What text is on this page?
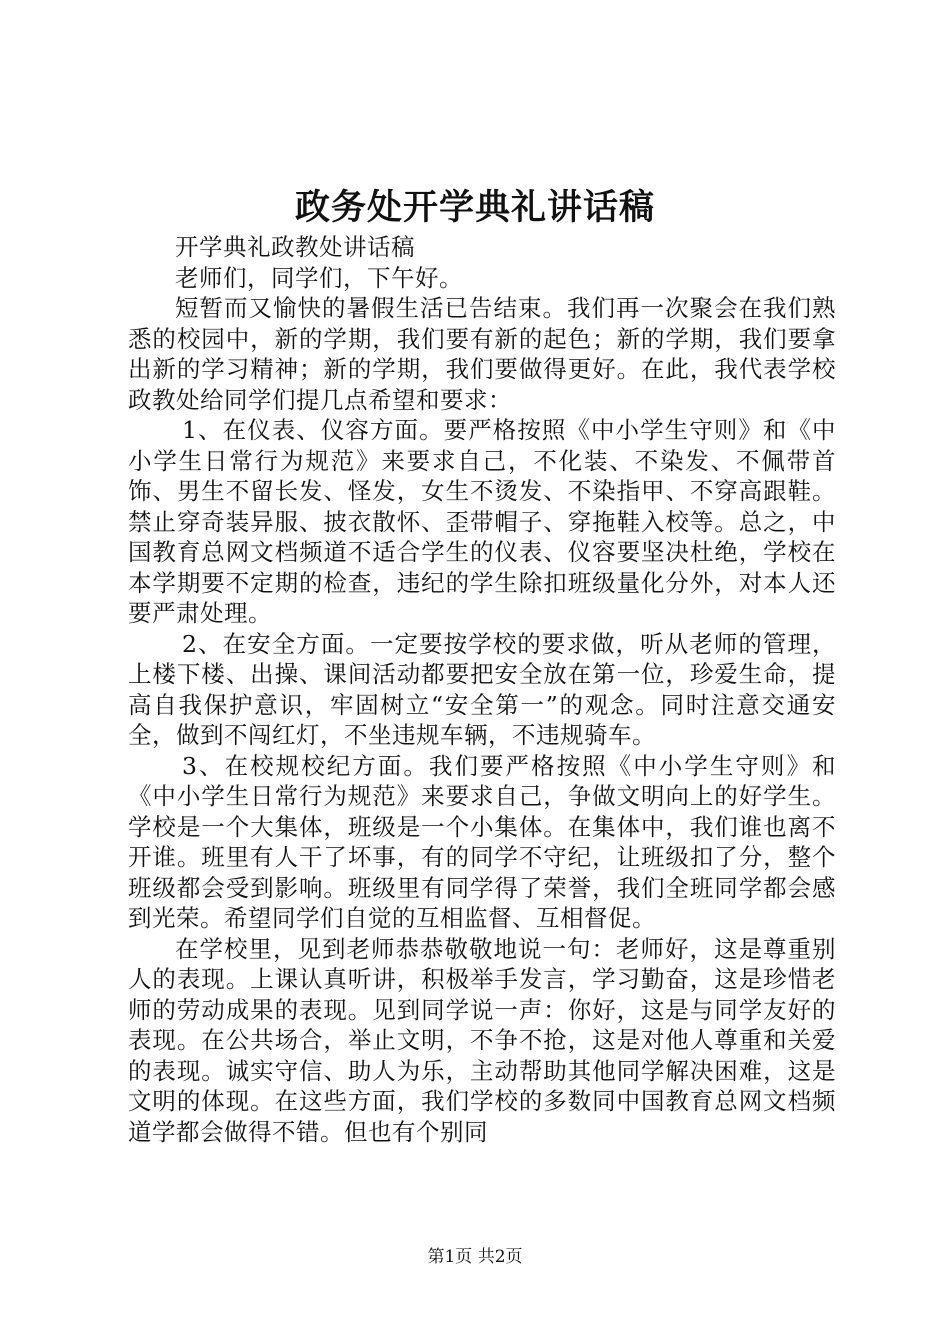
政务处开学典礼讲话稿

开学典礼政教处讲话稿

老师们，同学们，下午好。

短暂而又愉快的暑假生活已告结束。我们再一次聚会在我们熟悉的校园中，新的学期，我们要有新的起色；新的学期，我们要拿出新的学习精神；新的学期，我们要做得更好。在此，我代表学校政教处给同学们提几点希望和要求：

1、在仪表、仪容方面。要严格按照《中小学生守则》和《中小学生日常行为规范》来要求自己，不化装、不染发、不佩带首饰、男生不留长发、怪发，女生不烫发、不染指甲、不穿高跟鞋。禁止穿奇装异服、披衣散怀、歪带帽子、穿拖鞋入校等。总之，中国教育总网文档频道不适合学生的仪表、仪容要坚决杜绝，学校在本学期要不定期的检查，违纪的学生除扣班级量化分外，对本人还要严肃处理。

2、在安全方面。一定要按学校的要求做，听从老师的管理，上楼下楼、出操、课间活动都要把安全放在第一位，珍爱生命，提高自我保护意识，牢固树立“安全第一”的观念。同时注意交通安全，做到不闯红灯，不坐违规车辆，不违规骑车。

3、在校规校纪方面。我们要严格按照《中小学生守则》和《中小学生日常行为规范》来要求自己，争做文明向上的好学生。学校是一个大集体，班级是一个小集体。在集体中，我们谁也离不开谁。班里有人干了坏事，有的同学不守纪，让班级扣了分，整个班级都会受到影响。班级里有同学得了荣誉，我们全班同学都会感到光荣。希望同学们自觉的互相监督、互相督促。

在学校里，见到老师恭恭敬敬地说一句：老师好，这是尊重别人的表现。上课认真听讲，积极举手发言，学习勤奋，这是珍惜老师的劳动成果的表现。见到同学说一声：你好，这是与同学友好的表现。在公共场合，举止文明，不争不抢，这是对他人尊重和关爱的表现。诚实守信、助人为乐，主动帮助其他同学解决困难，这是文明的体现。在这些方面，我们学校的多数同中国教育总网文档频道学都会做得不错。但也有个别同

第1页 共2页
